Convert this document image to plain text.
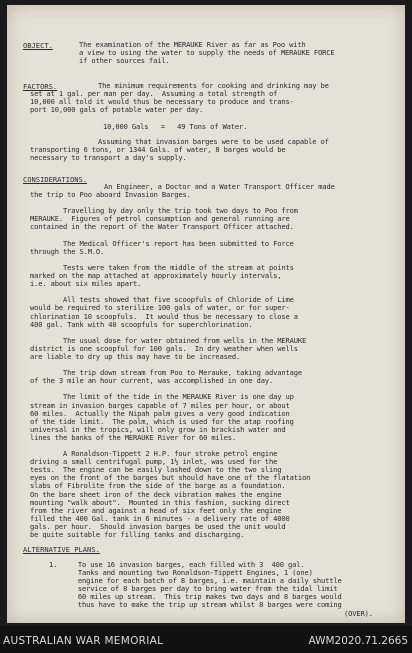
OBJECT.	The examination of the MERAUKE River as far as Poo with
a view to using the water to supply the needs of MERAUKE FORCE
if other sources fail.
FACTORS.	The minimum requirements for cooking and drinking may be
set at 1 gal. per man per day.  Assuming a total strength of
10,000 all told it would thus be necessary to produce and trans-
port 10,000 gals of potable water per day.
10,000 Gals   =   49 Tons of Water.
Assuming that invasion barges were to be used capable of
transporting 6 tons, or 1344 Gals. of water, 8 barges would be
necessary to transport a day's supply.
CONSIDERATIONS.
An Engineer, a Doctor and a Water Transport Officer made
the trip to Poo aboard Invasion Barges.

Travelling by day only the trip took two days to Poo from
MERAUKE.  Figures of petrol consumption and general running are
contained in the report of the Water Transport Officer attached.

The Medical Officer's report has been submitted to Force
through the S.M.O.

Tests were taken from the middle of the stream at points
marked on the map attached at approximately hourly intervals,
i.e. about six miles apart.

All tests showed that five scoopfuls of Chloride of Lime
would be required to sterilize 100 gals of water, or for super-
chlorination 10 scoopfuls.  It would thus be necessary to close a
400 gal. Tank with 40 scoopfuls for superchlorination.

The usual dose for water obtained from wells in the MERAUKE
district is one scoopful for 100 gals.  In dry weather when wells
are liable to dry up this may have to be increased.

The trip down stream from Poo to Merauke, taking advantage
of the 3 mile an hour current, was accomplished in one day.

The limit of the tide in the MERAUKE River is one day up
stream in invasion barges capable of 7 miles per hour, or about
60 miles.  Actually the Nipah palm gives a very good indication
of the tide limit.  The palm, which is used for the atap roofing
universal in the tropics, will only grow in brackish water and
lines the banks of the MERAUKE River for 60 miles.

A Ronaldson-Tippett 2 H.P. four stroke petrol engine
driving a small centrifugal pump, 1½ inlet, was used for the
tests.  The engine can be easily lashed down to the two sling
eyes on the front of the barges but should have one of the flatation
slabs of Fibrolite from the side of the barge as a foundation.
On the bare sheet iron of the deck vibration makes the engine
mounting "walk about".  Mounted in this fashion, sucking direct
from the river and against a head of six feet only the engine
filled the 400 Gal. tank in 6 minutes - a delivery rate of 4000
gals. per hour.  Should invasion barges be used the unit would
be quite suitable for filling tanks and discharging.
ALTERNATIVE PLANS.
1.     To use 16 invasion barges, each filled with 3  400 gal.
Tanks and mounting two Ronaldson-Tippett Engines, 1 (one)
engine for each batch of 8 barges, i.e. maintain a daily shuttle
service of 8 barges per day to bring water from the tidal limit
60 miles up stream.  This trip makes two days and 8 barges would
thus have to make the trip up stream whilst 8 barges were coming
(OVER).
AUSTRALIAN WAR MEMORIAL	AWM2020.71.2665
